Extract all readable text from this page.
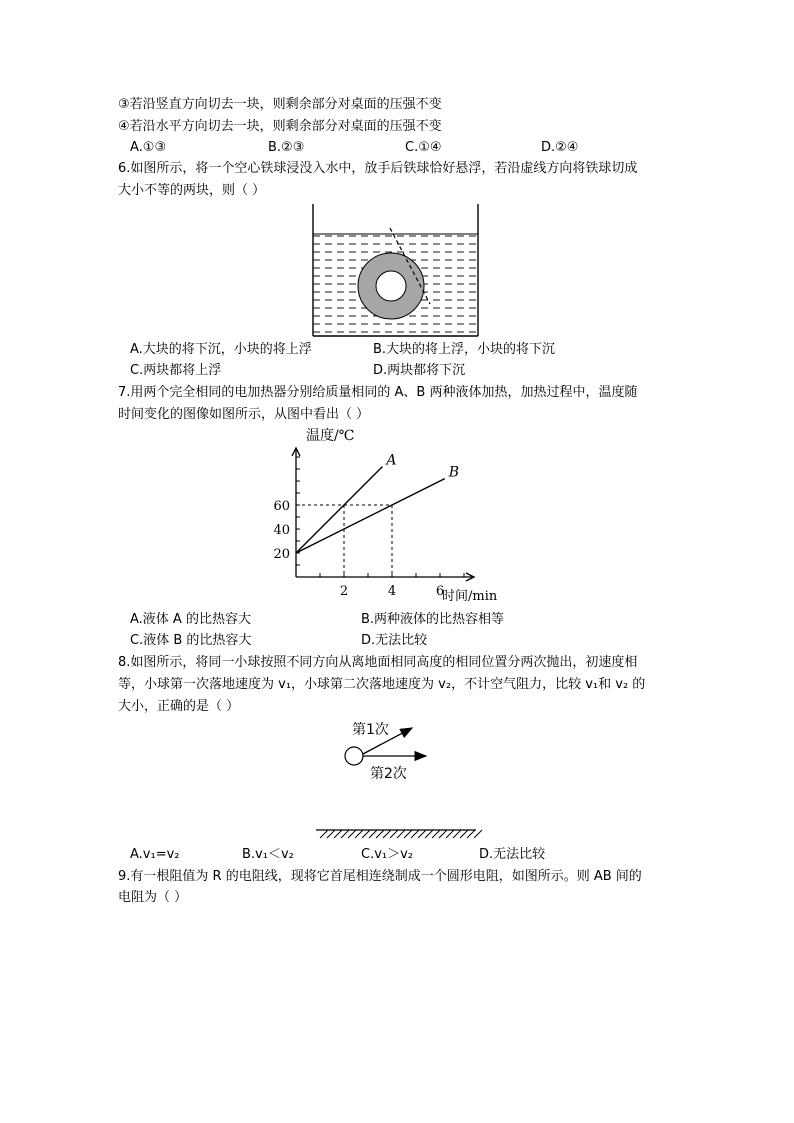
③若沿竖直方向切去一块，则剩余部分对桌面的压强不变
④若沿水平方向切去一块，则剩余部分对桌面的压强不变
A.①③	B.②③	C.①④	D.②④
6.如图所示，将一个空心铁球浸没入水中，放手后铁球恰好悬浮，若沿虚线方向将铁球切成
大小不等的两块，则（ ）
A.大块的将下沉，小块的将上浮	B.大块的将上浮，小块的将下沉
C.两块都将上浮	D.两块都将下沉
7.用两个完全相同的电加热器分别给质量相同的 A、B 两种液体加热，加热过程中，温度随
时间变化的图像如图所示，从图中看出（ ）
温度/℃
时间/min
20
40
60
2	4	6
A
B
A.液体 A 的比热容大	B.两种液体的比热容相等
C.液体 B 的比热容大	D.无法比较
8.如图所示，将同一小球按照不同方向从离地面相同高度的相同位置分两次抛出，初速度相
等，小球第一次落地速度为 v₁，小球第二次落地速度为 v₂，不计空气阻力，比较 v₁和 v₂ 的
大小，正确的是（ ）
第1次
第2次
A.v₁=v₂	B.v₁＜v₂	C.v₁＞v₂	D.无法比较
9.有一根阻值为 R 的电阻线，现将它首尾相连绕制成一个圆形电阻，如图所示。则 AB 间的
电阻为（ ）
